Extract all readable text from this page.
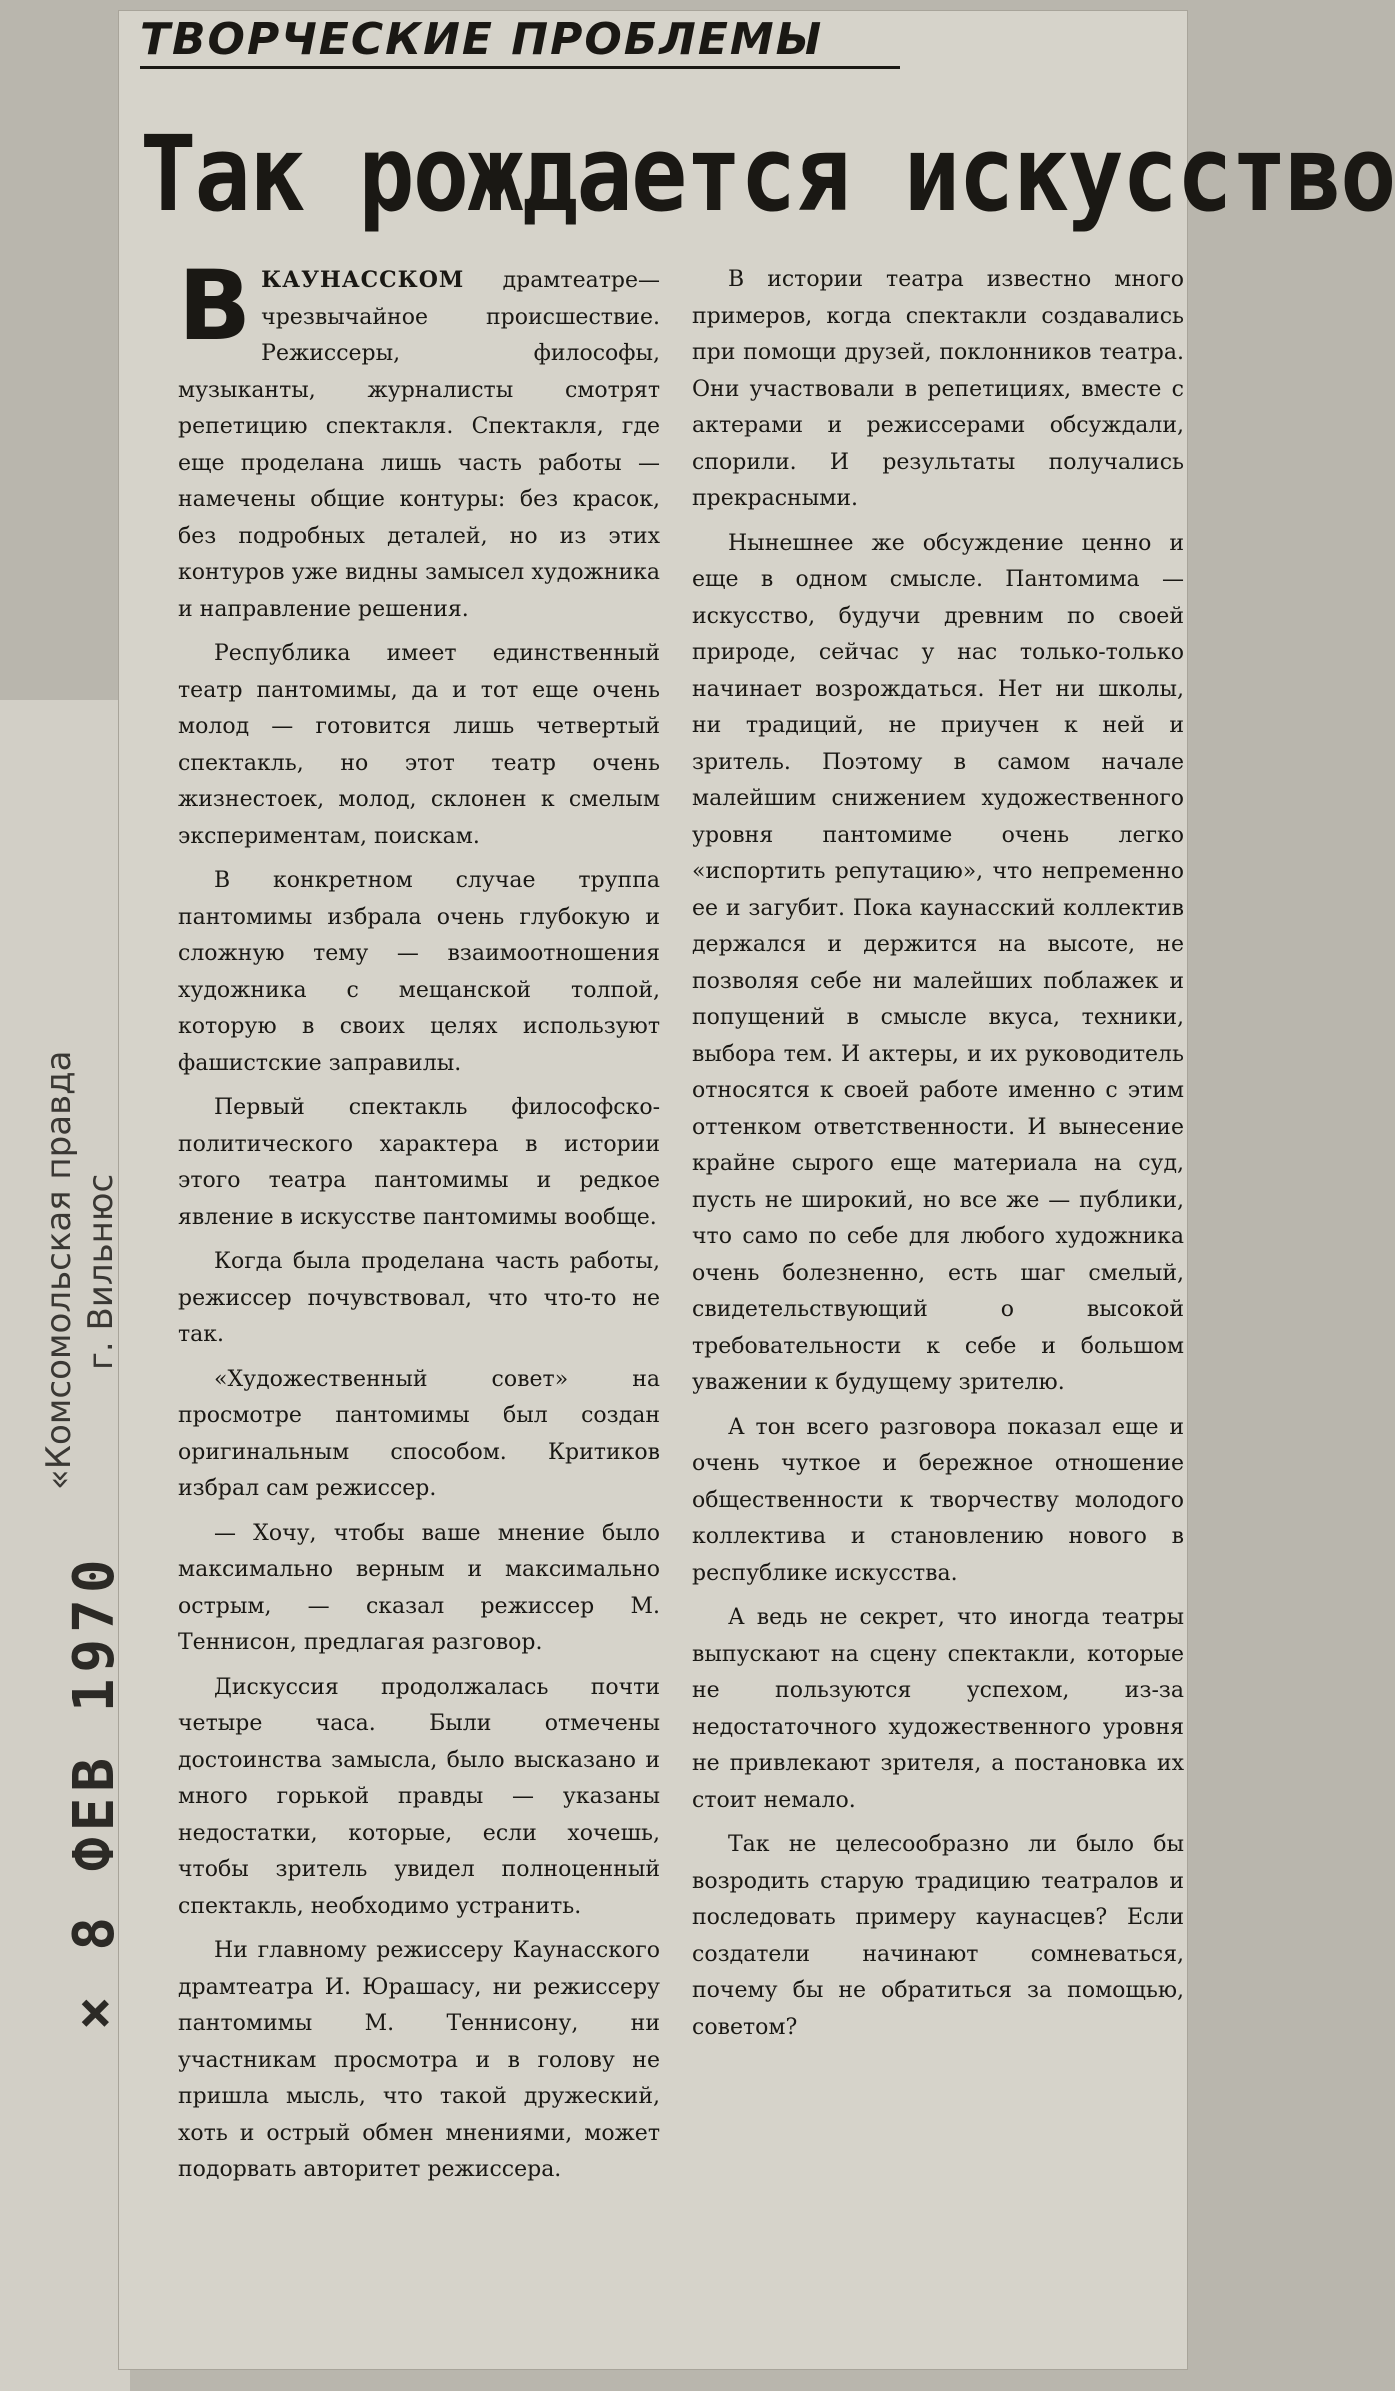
ТВОРЧЕСКИЕ ПРОБЛЕМЫ
Так рождается искусство
«Комсомольская правда г. Вильнюс
× 8 ФЕВ 1970

ВКАУНАССКОМ драмтеатре—чрезвычайное происшествие. Режиссеры, философы, музыканты, журналисты смотрят репетицию спектакля. Спектакля, где еще проделана лишь часть работы —намечены общие контуры: без красок, без подробных деталей, но из этих контуров уже видны замысел художника и направление решения.

Республика имеет единственный театр пантомимы, да и тот еще очень молод — готовится лишь четвертый спектакль, но этот театр очень жизнестоек, молод, склонен к смелым экспериментам, поискам.

В конкретном случае труппа пантомимы избрала очень глубокую и сложную тему — взаимоотношения художника с мещанской толпой, которую в своих целях используют фашистские заправилы.

Первый спектакль философско-политического характера в истории этого театра пантомимы и редкое явление в искусстве пантомимы вообще.

Когда была проделана часть работы, режиссер почувствовал, что что-то не так.

«Художественный совет» на просмотре пантомимы был создан оригинальным способом. Критиков избрал сам режиссер.

— Хочу, чтобы ваше мнение было максимально верным и максимально острым, — сказал режиссер М. Теннисон, предлагая разговор.

Дискуссия продолжалась почти четыре часа. Были отмечены достоинства замысла, было высказано и много горькой правды — указаны недостатки, которые, если хочешь, чтобы зритель увидел полноценный спектакль, необходимо устранить.

Ни главному режиссеру Каунасского драмтеатра И. Юрашасу, ни режиссеру пантомимы М. Теннисону, ни участникам просмотра и в голову не пришла мысль, что такой дружеский, хоть и острый обмен мнениями, может подорвать авторитет режиссера.

В истории театра известно много примеров, когда спектакли создавались при помощи друзей, поклонников театра. Они участвовали в репетициях, вместе с актерами и режиссерами обсуждали, спорили. И результаты получались прекрасными.

Нынешнее же обсуждение ценно и еще в одном смысле. Пантомима — искусство, будучи древним по своей природе, сейчас у нас только-только начинает возрождаться. Нет ни школы, ни традиций, не приучен к ней и зритель. Поэтому в самом начале малейшим снижением художественного уровня пантомиме очень легко «испортить репутацию», что непременно ее и загубит. Пока каунасский коллектив держался и держится на высоте, не позволяя себе ни малейших поблажек и попущений в смысле вкуса, техники, выбора тем. И актеры, и их руководитель относятся к своей работе именно с этим оттенком ответственности. И вынесение крайне сырого еще материала на суд, пусть не широкий, но все же — публики, что само по себе для любого художника очень болезненно, есть шаг смелый, свидетельствующий о высокой требовательности к себе и большом уважении к будущему зрителю.

А тон всего разговора показал еще и очень чуткое и бережное отношение общественности к творчеству молодого коллектива и становлению нового в республике искусства.

А ведь не секрет, что иногда театры выпускают на сцену спектакли, которые не пользуются успехом, из-за недостаточного художественного уровня не привлекают зрителя, а постановка их стоит немало.

Так не целесообразно ли было бы возродить старую традицию театралов и последовать примеру каунасцев? Если создатели начинают сомневаться, почему бы не обратиться за помощью, советом?
